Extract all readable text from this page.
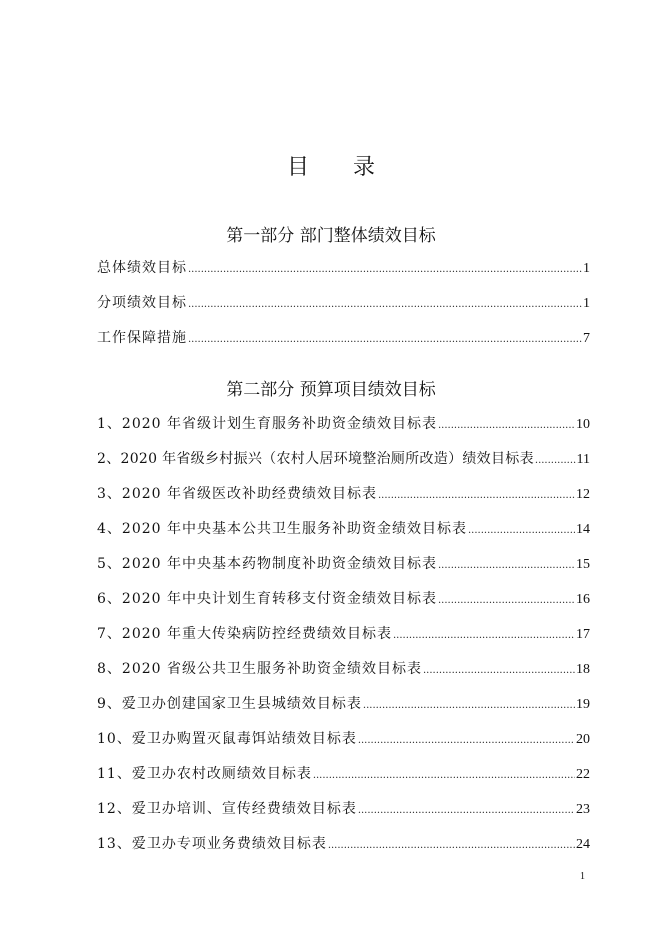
目 录
第一部分 部门整体绩效目标
总体绩效目标 .....	1
分项绩效目标 .....	1
工作保障措施 .....	7
第二部分 预算项目绩效目标
1、2020 年省级计划生育服务补助资金绩效目标表 .....	10
2、2020 年省级乡村振兴（农村人居环境整治厕所改造）绩效目标表 .....	11
3、2020 年省级医改补助经费绩效目标表 .....	12
4、2020 年中央基本公共卫生服务补助资金绩效目标表 .....	14
5、2020 年中央基本药物制度补助资金绩效目标表 .....	15
6、2020 年中央计划生育转移支付资金绩效目标表 .....	16
7、2020 年重大传染病防控经费绩效目标表 .....	17
8、2020 省级公共卫生服务补助资金绩效目标表 .....	18
9、爱卫办创建国家卫生县城绩效目标表 .....	19
10、爱卫办购置灭鼠毒饵站绩效目标表 .....	20
11、爱卫办农村改厕绩效目标表 .....	22
12、爱卫办培训、宣传经费绩效目标表 .....	23
13、爱卫办专项业务费绩效目标表 .....	24
1
